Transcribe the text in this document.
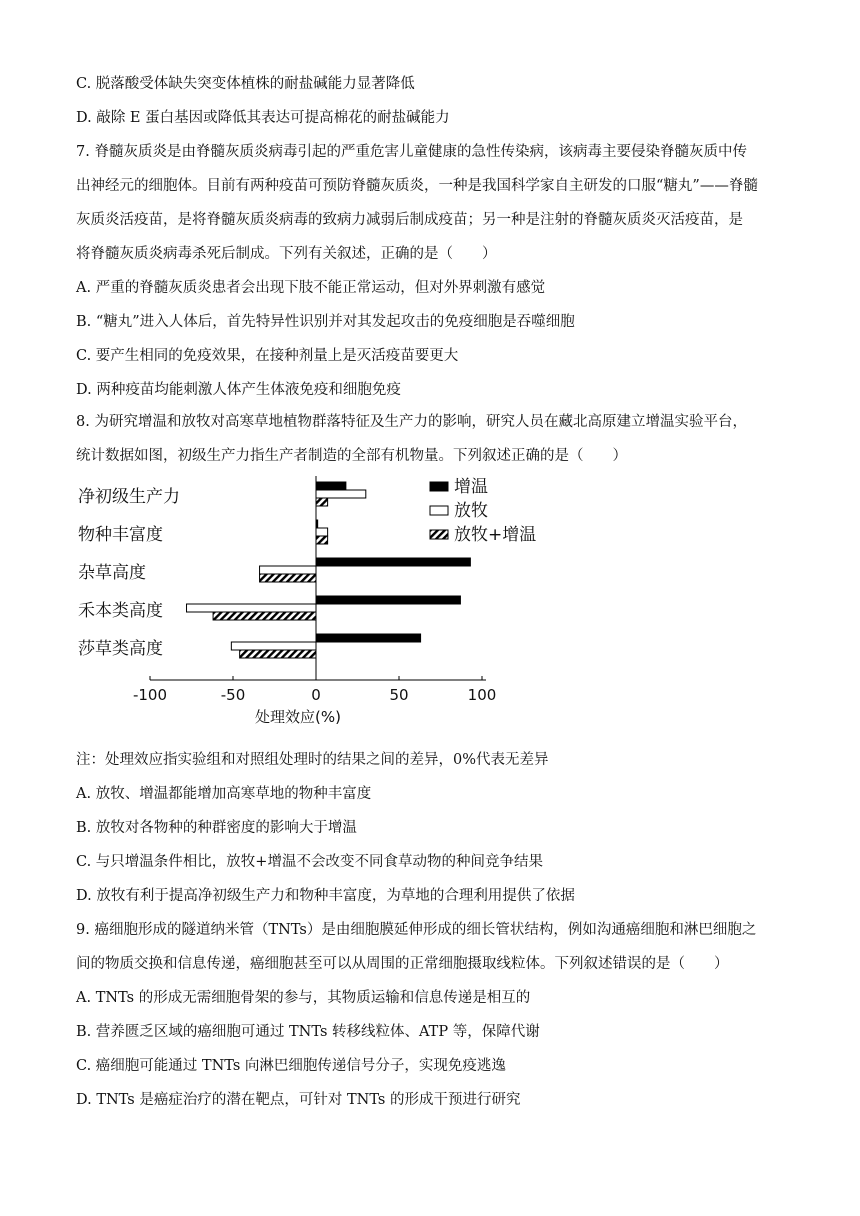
C. 脱落酸受体缺失突变体植株的耐盐碱能力显著降低
D. 敲除 E 蛋白基因或降低其表达可提高棉花的耐盐碱能力
7. 脊髓灰质炎是由脊髓灰质炎病毒引起的严重危害儿童健康的急性传染病，该病毒主要侵染脊髓灰质中传
出神经元的细胞体。目前有两种疫苗可预防脊髓灰质炎，一种是我国科学家自主研发的口服“糖丸”——脊髓
灰质炎活疫苗，是将脊髓灰质炎病毒的致病力减弱后制成疫苗；另一种是注射的脊髓灰质炎灭活疫苗，是
将脊髓灰质炎病毒杀死后制成。下列有关叙述，正确的是（　　）
A. 严重的脊髓灰质炎患者会出现下肢不能正常运动，但对外界刺激有感觉
B. “糖丸”进入人体后，首先特异性识别并对其发起攻击的免疫细胞是吞噬细胞
C. 要产生相同的免疫效果，在接种剂量上是灭活疫苗要更大
D. 两种疫苗均能刺激人体产生体液免疫和细胞免疫
8. 为研究增温和放牧对高寒草地植物群落特征及生产力的影响，研究人员在藏北高原建立增温实验平台，
统计数据如图，初级生产力指生产者制造的全部有机物量。下列叙述正确的是（　　）
净初级生产力
物种丰富度
杂草高度
禾本类高度
莎草类高度
-100	-50	0	50	100
处理效应(%)
增温
放牧
放牧+增温
注：处理效应指实验组和对照组处理时的结果之间的差异，0%代表无差异
A. 放牧、增温都能增加高寒草地的物种丰富度
B. 放牧对各物种的种群密度的影响大于增温
C. 与只增温条件相比，放牧+增温不会改变不同食草动物的种间竞争结果
D. 放牧有利于提高净初级生产力和物种丰富度，为草地的合理利用提供了依据
9. 癌细胞形成的隧道纳米管（TNTs）是由细胞膜延伸形成的细长管状结构，例如沟通癌细胞和淋巴细胞之
间的物质交换和信息传递，癌细胞甚至可以从周围的正常细胞摄取线粒体。下列叙述错误的是（　　）
A. TNTs 的形成无需细胞骨架的参与，其物质运输和信息传递是相互的
B. 营养匮乏区域的癌细胞可通过 TNTs 转移线粒体、ATP 等，保障代谢
C. 癌细胞可能通过 TNTs 向淋巴细胞传递信号分子，实现免疫逃逸
D. TNTs 是癌症治疗的潜在靶点，可针对 TNTs 的形成干预进行研究
